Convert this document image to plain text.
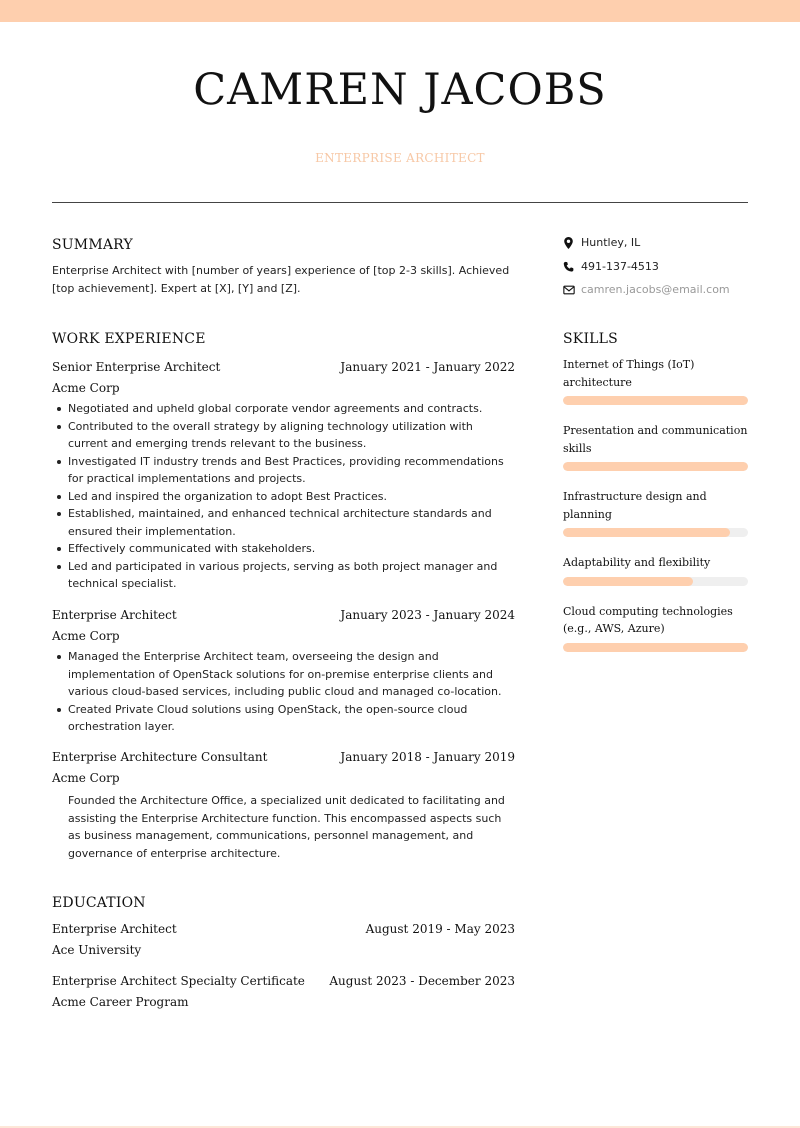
CAMREN JACOBS
ENTERPRISE ARCHITECT
SUMMARY
Enterprise Architect with [number of years] experience of [top 2-3 skills]. Achieved [top achievement]. Expert at [X], [Y] and [Z].
WORK EXPERIENCE
Senior Enterprise Architect	January 2021 - January 2022
Acme Corp
Negotiated and upheld global corporate vendor agreements and contracts.
Contributed to the overall strategy by aligning technology utilization with current and emerging trends relevant to the business.
Investigated IT industry trends and Best Practices, providing recommendations for practical implementations and projects.
Led and inspired the organization to adopt Best Practices.
Established, maintained, and enhanced technical architecture standards and ensured their implementation.
Effectively communicated with stakeholders.
Led and participated in various projects, serving as both project manager and technical specialist.
Enterprise Architect	January 2023 - January 2024
Acme Corp
Managed the Enterprise Architect team, overseeing the design and implementation of OpenStack solutions for on-premise enterprise clients and various cloud-based services, including public cloud and managed co-location.
Created Private Cloud solutions using OpenStack, the open-source cloud orchestration layer.
Enterprise Architecture Consultant	January 2018 - January 2019
Acme Corp
Founded the Architecture Office, a specialized unit dedicated to facilitating and assisting the Enterprise Architecture function. This encompassed aspects such as business management, communications, personnel management, and governance of enterprise architecture.
EDUCATION
Enterprise Architect	August 2019 - May 2023
Ace University
Enterprise Architect Specialty Certificate August 2023 - December 2023
Acme Career Program
Huntley, IL
491-137-4513
camren.jacobs@email.com
SKILLS
Internet of Things (IoT) architecture
Presentation and communication skills
Infrastructure design and planning
Adaptability and flexibility
Cloud computing technologies (e.g., AWS, Azure)
